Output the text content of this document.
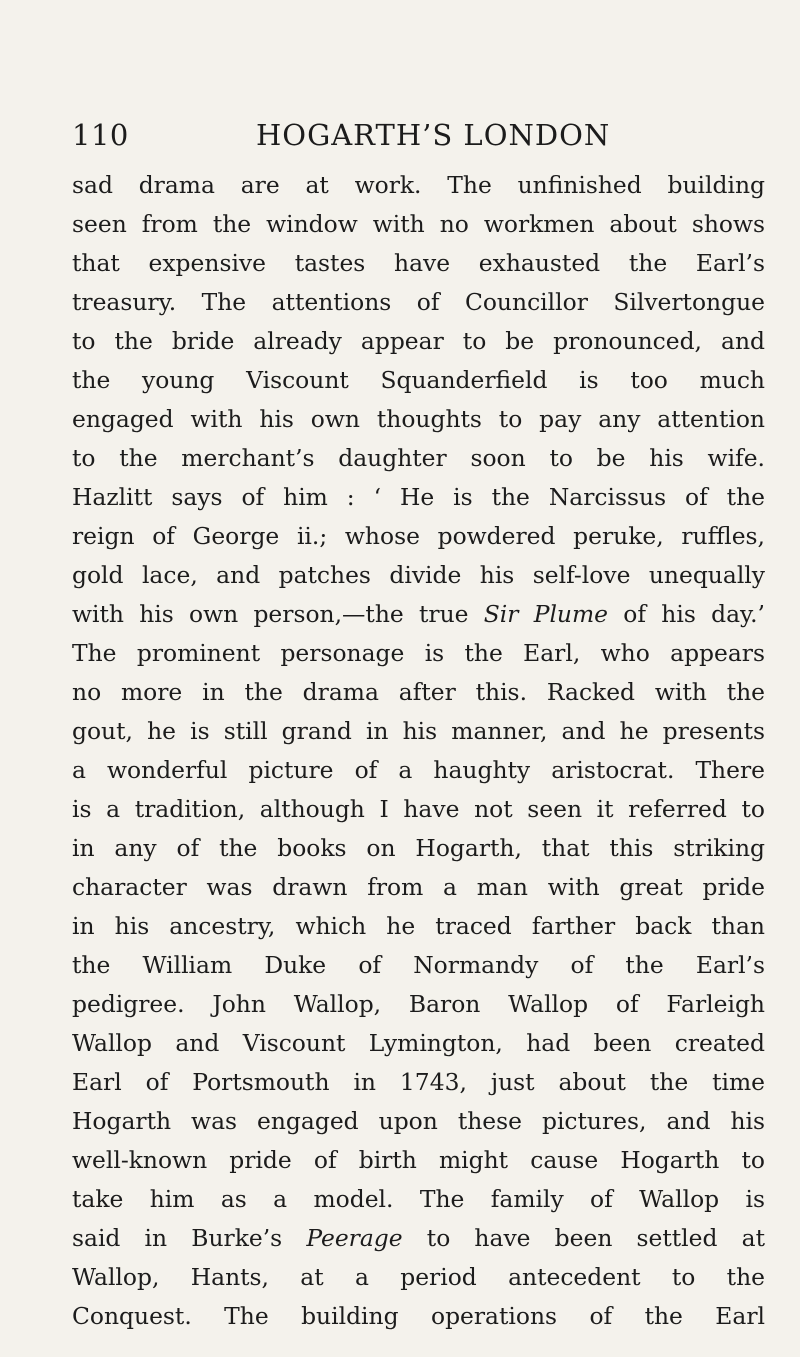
110	HOGARTH’S LONDON
sad drama are at work. The unfinished building
seen from the window with no workmen about shows
that expensive tastes have exhausted the Earl’s
treasury. The attentions of Councillor Silvertongue
to the bride already appear to be pronounced, and
the young Viscount Squanderfield is too much
engaged with his own thoughts to pay any attention
to the merchant’s daughter soon to be his wife.
Hazlitt says of him : ‘ He is the Narcissus of the
reign of George ii.; whose powdered peruke, ruffles,
gold lace, and patches divide his self-love unequally
with his own person,—the true Sir Plume of his day.’
The prominent personage is the Earl, who appears
no more in the drama after this. Racked with the
gout, he is still grand in his manner, and he presents
a wonderful picture of a haughty aristocrat. There
is a tradition, although I have not seen it referred to
in any of the books on Hogarth, that this striking
character was drawn from a man with great pride
in his ancestry, which he traced farther back than
the William Duke of Normandy of the Earl’s
pedigree. John Wallop, Baron Wallop of Farleigh
Wallop and Viscount Lymington, had been created
Earl of Portsmouth in 1743, just about the time
Hogarth was engaged upon these pictures, and his
well-known pride of birth might cause Hogarth to
take him as a model. The family of Wallop is
said in Burke’s Peerage to have been settled at
Wallop, Hants, at a period antecedent to the
Conquest. The building operations of the Earl
